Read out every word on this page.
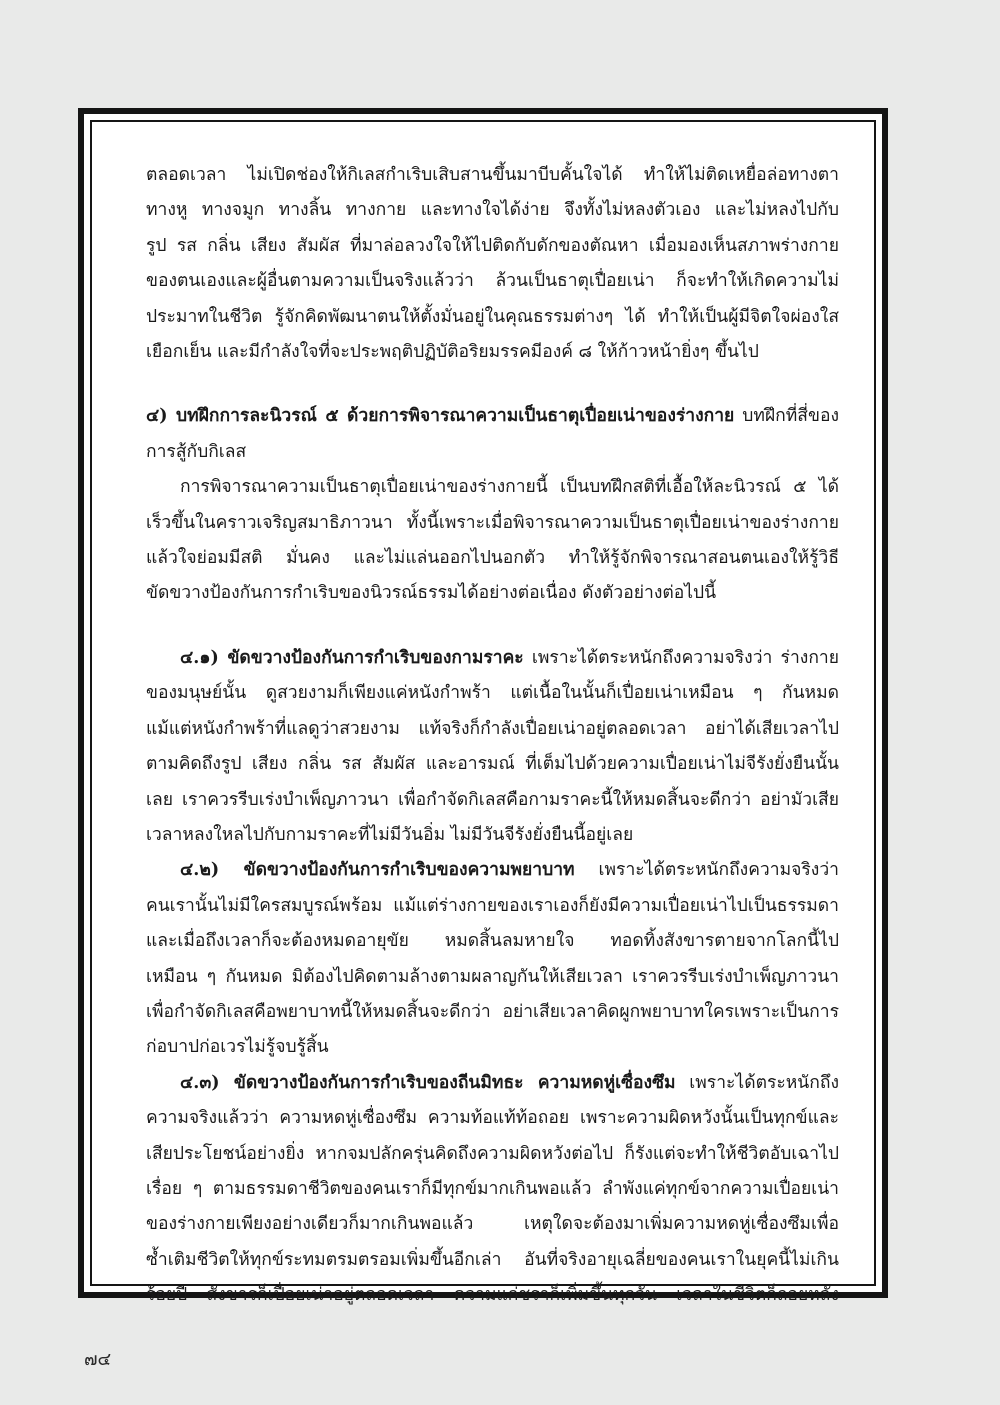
ตลอดเวลา ไม่เปิดช่องให้กิเลสกำเริบเสิบสานขึ้นมาบีบคั้นใจได้ ทำให้ไม่ติดเหยื่อล่อทางตา
ทางหู ทางจมูก ทางลิ้น ทางกาย และทางใจได้ง่าย จึงทั้งไม่หลงตัวเอง และไม่หลงไปกับ
รูป รส กลิ่น เสียง สัมผัส ที่มาล่อลวงใจให้ไปติดกับดักของตัณหา เมื่อมองเห็นสภาพร่างกาย
ของตนเองและผู้อื่นตามความเป็นจริงแล้วว่า ล้วนเป็นธาตุเปื่อยเน่า ก็จะทำให้เกิดความไม่
ประมาทในชีวิต รู้จักคิดพัฒนาตนให้ตั้งมั่นอยู่ในคุณธรรมต่างๆ ได้ ทำให้เป็นผู้มีจิตใจผ่องใส
เยือกเย็น และมีกำลังใจที่จะประพฤติปฏิบัติอริยมรรคมีองค์ ๘ ให้ก้าวหน้ายิ่งๆ ขึ้นไป
๔) บทฝึกการละนิวรณ์ ๕ ด้วยการพิจารณาความเป็นธาตุเปื่อยเน่าของร่างกาย บทฝึกที่สี่ของ
การสู้กับกิเลส
การพิจารณาความเป็นธาตุเปื่อยเน่าของร่างกายนี้ เป็นบทฝึกสติที่เอื้อให้ละนิวรณ์ ๕ ได้
เร็วขึ้นในคราวเจริญสมาธิภาวนา ทั้งนี้เพราะเมื่อพิจารณาความเป็นธาตุเปื่อยเน่าของร่างกาย
แล้วใจย่อมมีสติ มั่นคง และไม่แล่นออกไปนอกตัว ทำให้รู้จักพิจารณาสอนตนเองให้รู้วิธี
ขัดขวางป้องกันการกำเริบของนิวรณ์ธรรมได้อย่างต่อเนื่อง ดังตัวอย่างต่อไปนี้
๔.๑) ขัดขวางป้องกันการกำเริบของกามราคะ เพราะได้ตระหนักถึงความจริงว่า ร่างกาย
ของมนุษย์นั้น ดูสวยงามก็เพียงแค่หนังกำพร้า แต่เนื้อในนั้นก็เปื่อยเน่าเหมือน ๆ กันหมด
แม้แต่หนังกำพร้าที่แลดูว่าสวยงาม แท้จริงก็กำลังเปื่อยเน่าอยู่ตลอดเวลา อย่าได้เสียเวลาไป
ตามคิดถึงรูป เสียง กลิ่น รส สัมผัส และอารมณ์ ที่เต็มไปด้วยความเปื่อยเน่าไม่จีรังยั่งยืนนั้น
เลย เราควรรีบเร่งบำเพ็ญภาวนา เพื่อกำจัดกิเลสคือกามราคะนี้ให้หมดสิ้นจะดีกว่า อย่ามัวเสีย
เวลาหลงใหลไปกับกามราคะที่ไม่มีวันอิ่ม ไม่มีวันจีรังยั่งยืนนี้อยู่เลย
๔.๒) ขัดขวางป้องกันการกำเริบของความพยาบาท เพราะได้ตระหนักถึงความจริงว่า
คนเรานั้นไม่มีใครสมบูรณ์พร้อม แม้แต่ร่างกายของเราเองก็ยังมีความเปื่อยเน่าไปเป็นธรรมดา
และเมื่อถึงเวลาก็จะต้องหมดอายุขัย หมดสิ้นลมหายใจ ทอดทิ้งสังขารตายจากโลกนี้ไป
เหมือน ๆ กันหมด มิต้องไปคิดตามล้างตามผลาญกันให้เสียเวลา เราควรรีบเร่งบำเพ็ญภาวนา
เพื่อกำจัดกิเลสคือพยาบาทนี้ให้หมดสิ้นจะดีกว่า อย่าเสียเวลาคิดผูกพยาบาทใครเพราะเป็นการ
ก่อบาปก่อเวรไม่รู้จบรู้สิ้น
๔.๓) ขัดขวางป้องกันการกำเริบของถีนมิทธะ ความหดหู่เซื่องซึม เพราะได้ตระหนักถึง
ความจริงแล้วว่า ความหดหู่เซื่องซึม ความท้อแท้ท้อถอย เพราะความผิดหวังนั้นเป็นทุกข์และ
เสียประโยชน์อย่างยิ่ง หากจมปลักครุ่นคิดถึงความผิดหวังต่อไป ก็รังแต่จะทำให้ชีวิตอับเฉาไป
เรื่อย ๆ ตามธรรมดาชีวิตของคนเราก็มีทุกข์มากเกินพอแล้ว ลำพังแค่ทุกข์จากความเปื่อยเน่า
ของร่างกายเพียงอย่างเดียวก็มากเกินพอแล้ว เหตุใดจะต้องมาเพิ่มความหดหู่เซื่องซึมเพื่อ
ซ้ำเติมชีวิตให้ทุกข์ระทมตรมตรอมเพิ่มขึ้นอีกเล่า อันที่จริงอายุเฉลี่ยของคนเราในยุคนี้ไม่เกิน
ร้อยปี สังขารก็เปื่อยเน่าอยู่ตลอดเวลา ความแก่ชราก็เพิ่มขึ้นทุกวัน เวลาในชีวิตก็ถอยหลัง
๗๔
